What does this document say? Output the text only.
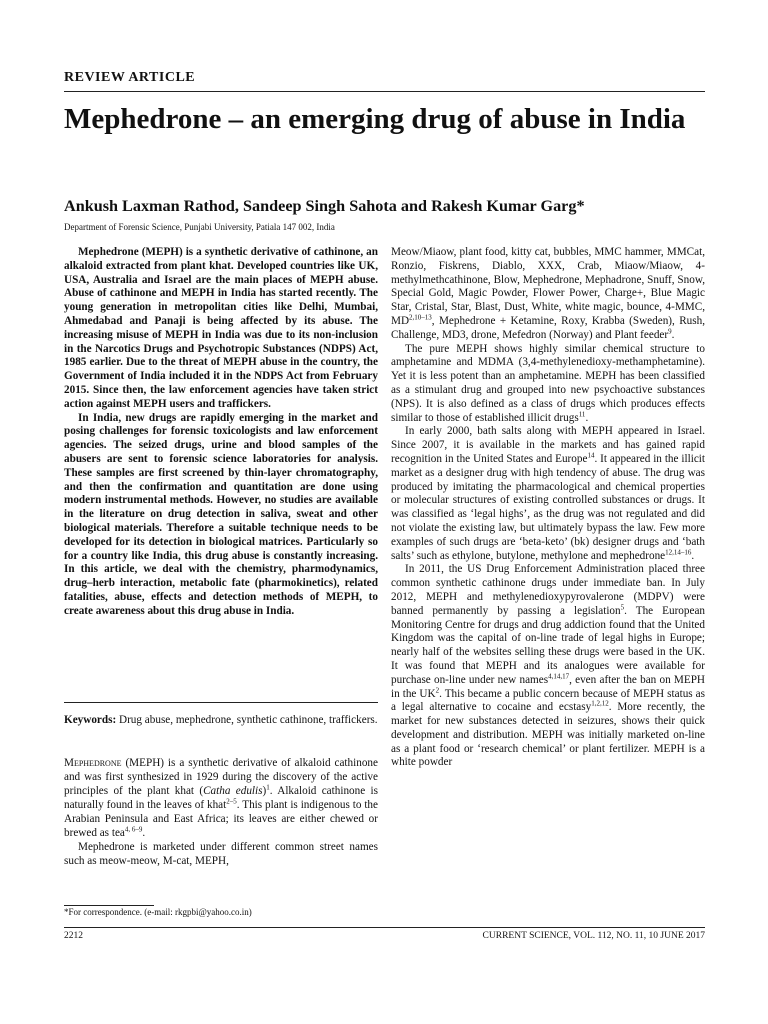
REVIEW ARTICLE
Mephedrone – an emerging drug of abuse in India
Ankush Laxman Rathod, Sandeep Singh Sahota and Rakesh Kumar Garg*
Department of Forensic Science, Punjabi University, Patiala 147 002, India

Mephedrone (MEPH) is a synthetic derivative of cathinone, an alkaloid extracted from plant khat. Developed countries like UK, USA, Australia and Israel are the main places of MEPH abuse. Abuse of cathinone and MEPH in India has started recently. The young generation in metropolitan cities like Delhi, Mumbai, Ahmedabad and Panaji is being affected by its abuse. The increasing misuse of MEPH in India was due to its non-inclusion in the Narcotics Drugs and Psychotropic Substances (NDPS) Act, 1985 earlier. Due to the threat of MEPH abuse in the country, the Government of India included it in the NDPS Act from February 2015. Since then, the law enforcement agencies have taken strict action against MEPH users and traffickers.

In India, new drugs are rapidly emerging in the market and posing challenges for forensic toxicologists and law enforcement agencies. The seized drugs, urine and blood samples of the abusers are sent to forensic science laboratories for analysis. These samples are first screened by thin-layer chromatography, and then the confirmation and quantitation are done using modern instrumental methods. However, no studies are available in the literature on drug detection in saliva, sweat and other biological materials. Therefore a suitable technique needs to be developed for its detection in biological matrices. Particularly so for a country like India, this drug abuse is constantly increasing. In this article, we deal with the chemistry, pharmodynamics, drug–herb interaction, metabolic fate (pharmokinetics), related fatalities, abuse, effects and detection methods of MEPH, to create awareness about this drug abuse in India.

Keywords: Drug abuse, mephedrone, synthetic cathinone, traffickers.

Mephedrone (MEPH) is a synthetic derivative of alkaloid cathinone and was first synthesized in 1929 during the discovery of the active principles of the plant khat (Catha edulis)$^1$. Alkaloid cathinone is naturally found in the leaves of khat$^{2-5}$. This plant is indigenous to the Arabian Peninsula and East Africa; its leaves are either chewed or brewed as tea$^{4, 6-9}$.

Mephedrone is marketed under different common street names such as meow-meow, M-cat, MEPH,

Meow/Miaow, plant food, kitty cat, bubbles, MMC hammer, MMCat, Ronzio, Fiskrens, Diablo, XXX, Crab, Miaow/Miaow, 4-methylmethcathinone, Blow, Mephedrone, Mephadrone, Snuff, Snow, Special Gold, Magic Powder, Flower Power, Charge+, Blue Magic Star, Cristal, Star, Blast, Dust, White, white magic, bounce, 4-MMC, MD$^{2,10-13}$, Mephedrone + Ketamine, Roxy, Krabba (Sweden), Rush, Challenge, MD3, drone, Mefedron (Norway) and Plant feeder$^9$.

The pure MEPH shows highly similar chemical structure to amphetamine and MDMA (3,4-methylenedioxy-methamphetamine). Yet it is less potent than an amphetamine. MEPH has been classified as a stimulant drug and grouped into new psychoactive substances (NPS). It is also defined as a class of drugs which produces effects similar to those of established illicit drugs$^{11}$.

In early 2000, bath salts along with MEPH appeared in Israel. Since 2007, it is available in the markets and has gained rapid recognition in the United States and Europe$^{14}$. It appeared in the illicit market as a designer drug with high tendency of abuse. The drug was produced by imitating the pharmacological and chemical properties or molecular structures of existing controlled substances or drugs. It was classified as ‘legal highs’, as the drug was not regulated and did not violate the existing law, but ultimately bypass the law. Few more examples of such drugs are ‘beta-keto’ (bk) designer drugs and ‘bath salts’ such as ethylone, butylone, methylone and mephedrone$^{12,14-16}$.

In 2011, the US Drug Enforcement Administration placed three common synthetic cathinone drugs under immediate ban. In July 2012, MEPH and methylenedioxypyrovalerone (MDPV) were banned permanently by passing a legislation$^5$. The European Monitoring Centre for drugs and drug addiction found that the United Kingdom was the capital of on-line trade of legal highs in Europe; nearly half of the websites selling these drugs were based in the UK. It was found that MEPH and its analogues were available for purchase on-line under new names$^{4,14,17}$, even after the ban on MEPH in the $UK^2$. This became a public concern because of MEPH status as a legal alternative to cocaine and ecstasy$^{1,2,12}$. More recently, the market for new substances detected in seizures, shows their quick development and distribution. MEPH was initially marketed on-line as a plant food or ‘research chemical’ or plant fertilizer. MEPH is a white powder

*For correspondence. (e-mail: rkgpbi@yahoo.co.in)
2212	CURRENT SCIENCE, VOL. 112, NO. 11, 10 JUNE 2017
